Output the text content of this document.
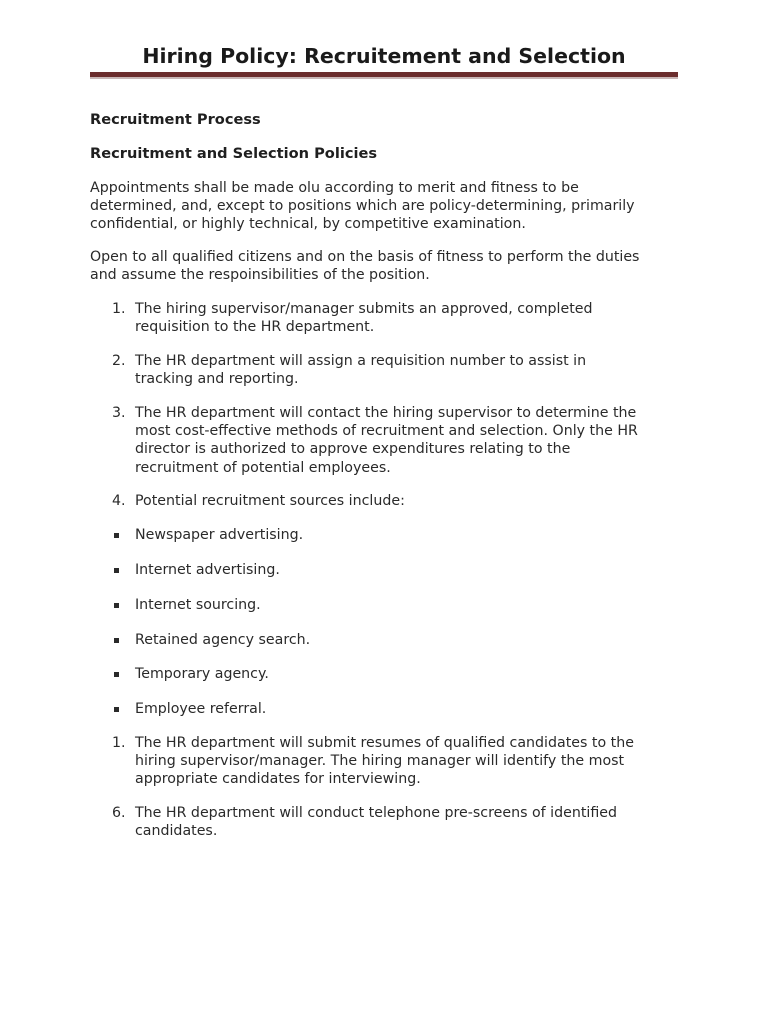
Hiring Policy: Recruitement and Selection
Recruitment Process
Recruitment and Selection Policies
Appointments shall be made olu according to merit and fitness to be
determined, and, except to positions which are policy-determining, primarily
confidential, or highly technical, by competitive examination.
Open to all qualified citizens and on the basis of fitness to perform the duties
and assume the respoinsibilities of the position.
1. The hiring supervisor/manager submits an approved, completed
requisition to the HR department.
2. The HR department will assign a requisition number to assist in
tracking and reporting.
3. The HR department will contact the hiring supervisor to determine the
most cost-effective methods of recruitment and selection. Only the HR
director is authorized to approve expenditures relating to the
recruitment of potential employees.
4. Potential recruitment sources include:
Newspaper advertising.
Internet advertising.
Internet sourcing.
Retained agency search.
Temporary agency.
Employee referral.
1. The HR department will submit resumes of qualified candidates to the
hiring supervisor/manager. The hiring manager will identify the most
appropriate candidates for interviewing.
6. The HR department will conduct telephone pre-screens of identified
candidates.
